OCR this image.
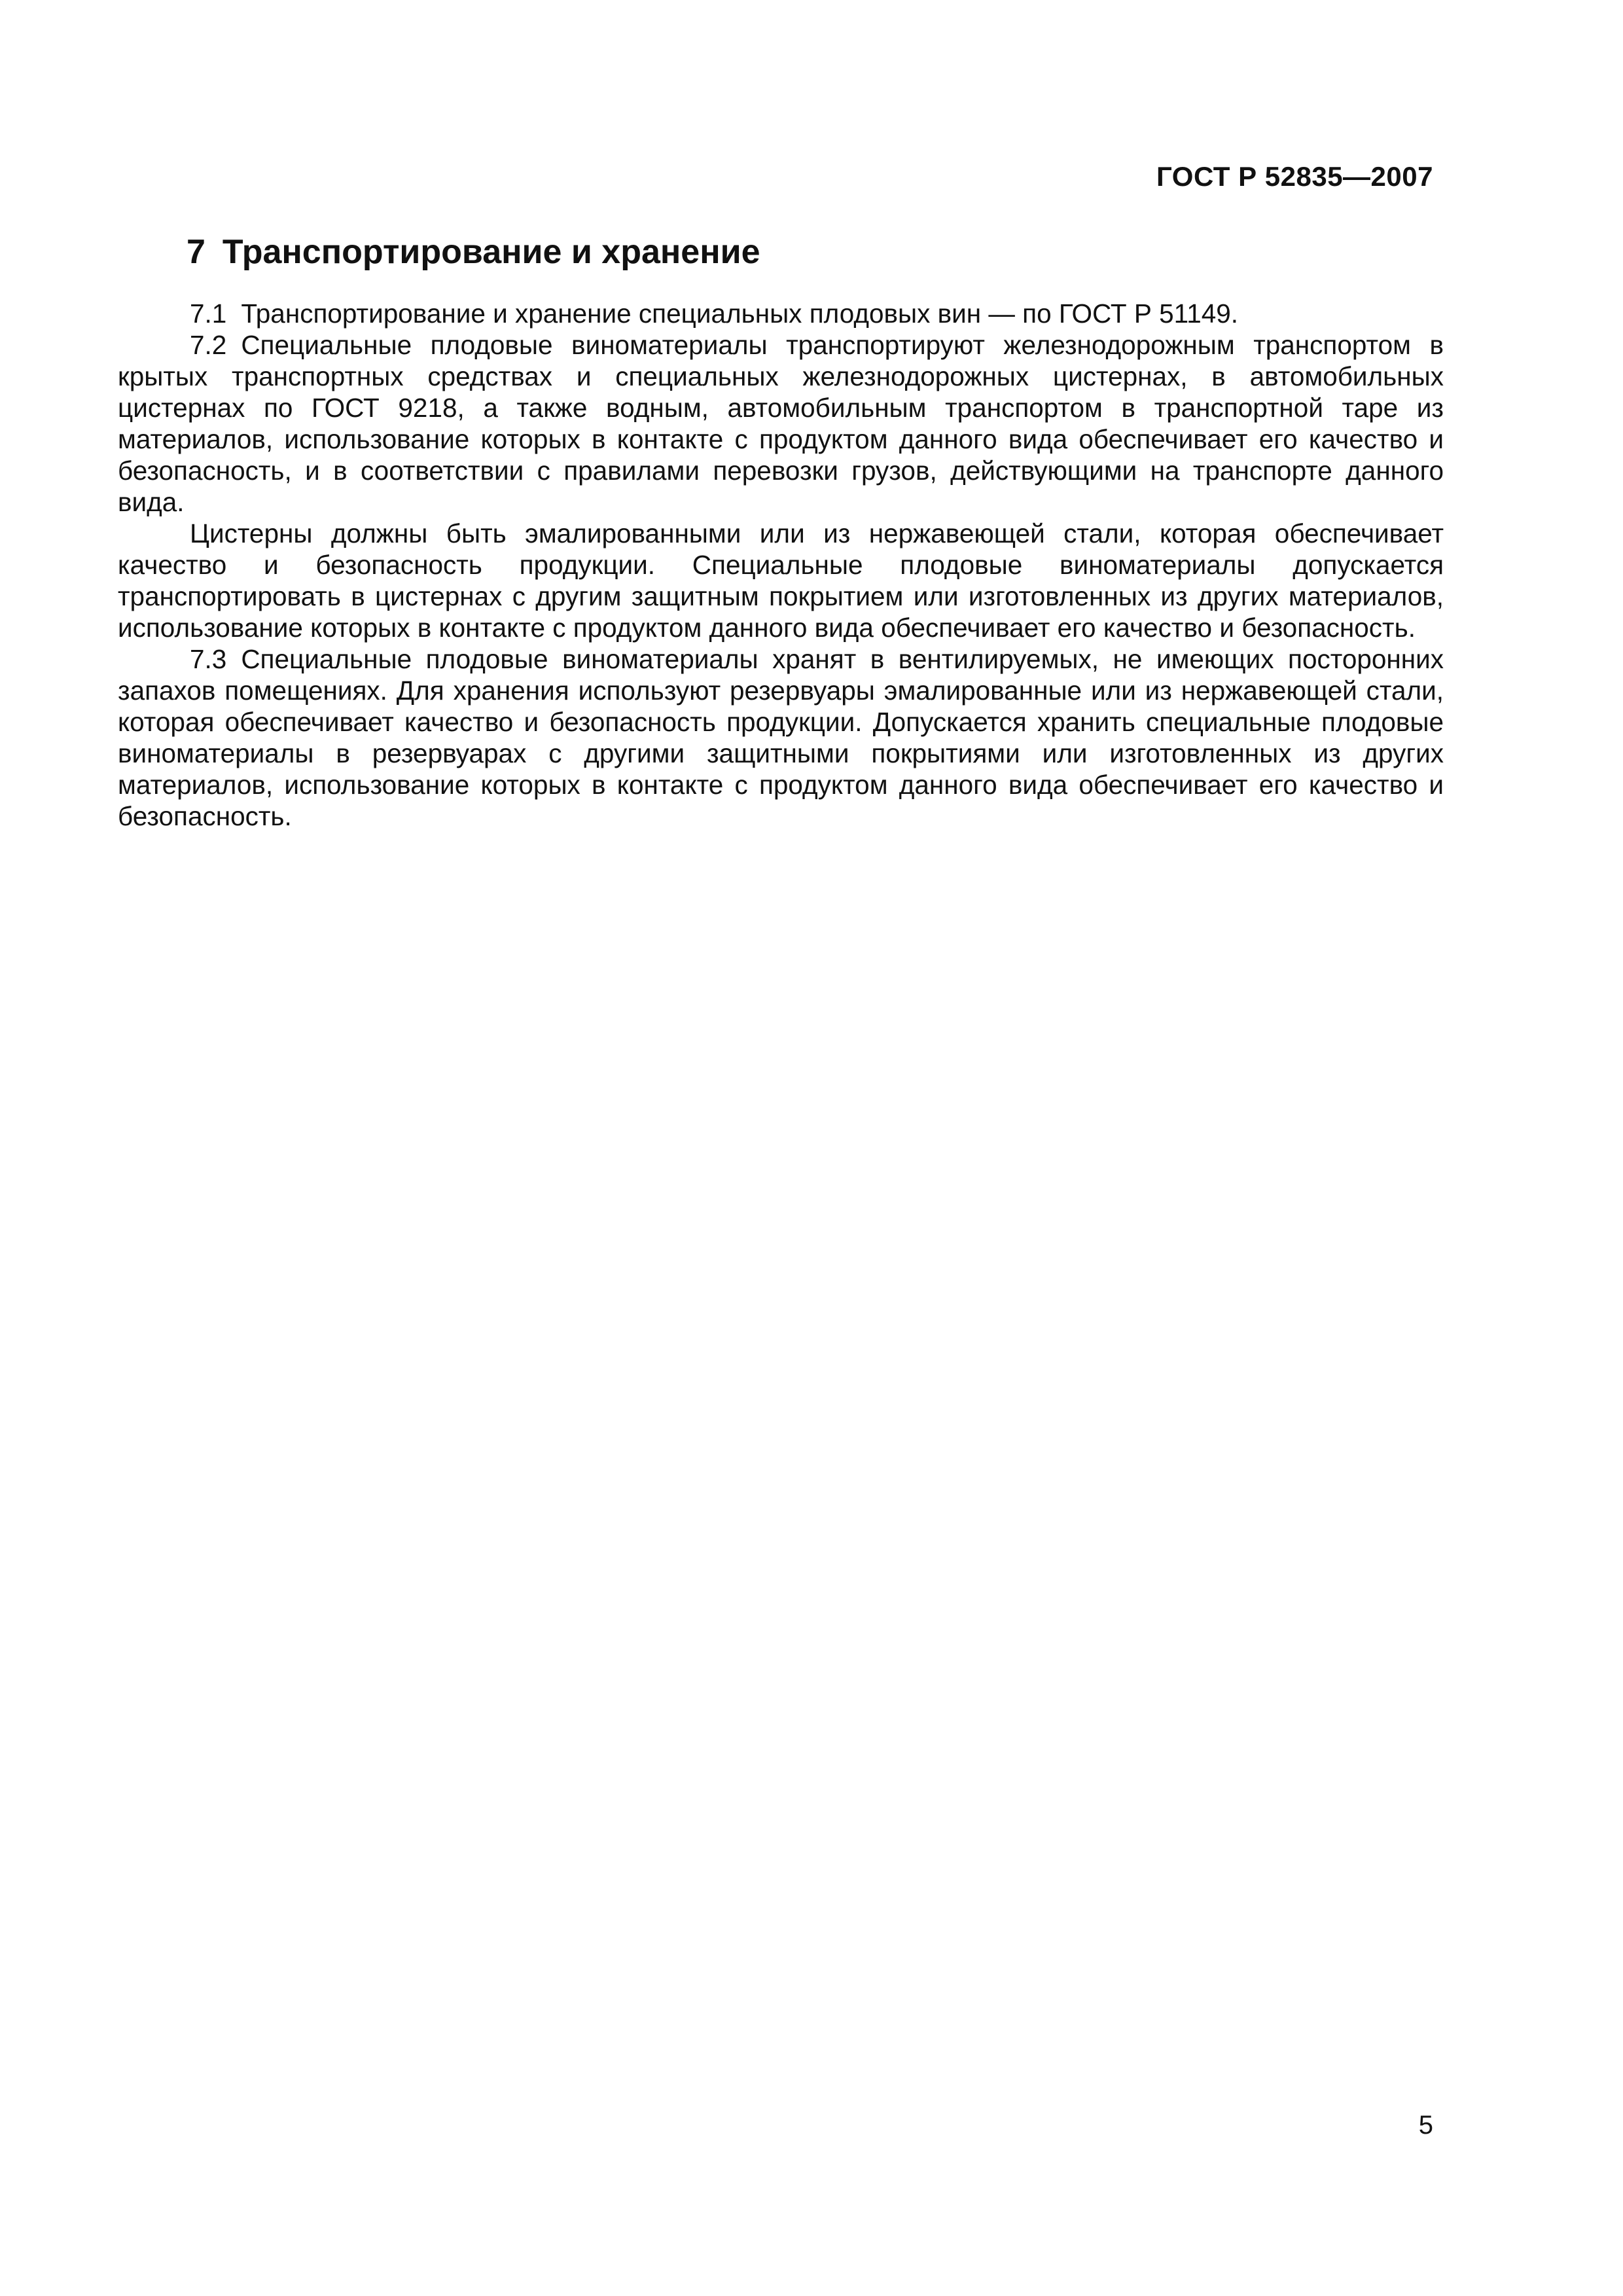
ГОСТ Р 52835—2007
7 Транспортирование и хранение

7.1 Транспортирование и хранение специальных плодовых вин — по ГОСТ Р 51149.

7.2 Специальные плодовые виноматериалы транспортируют железнодорожным транспортом в крытых транспортных средствах и специальных железнодорожных цистернах, в автомобильных цистернах по ГОСТ 9218, а также водным, автомобильным транспортом в транспортной таре из материалов, использование которых в контакте с продуктом данного вида обеспечивает его качество и безопасность, и в соответствии с правилами перевозки грузов, действующими на транспорте данного вида.

Цистерны должны быть эмалированными или из нержавеющей стали, которая обеспечивает качество и безопасность продукции. Специальные плодовые виноматериалы допускается транспортировать в цистернах с другим защитным покрытием или изготовленных из других материалов, использование которых в контакте с продуктом данного вида обеспечивает его качество и безопасность.

7.3 Специальные плодовые виноматериалы хранят в вентилируемых, не имеющих посторонних запахов помещениях. Для хранения используют резервуары эмалированные или из нержавеющей стали, которая обеспечивает качество и безопасность продукции. Допускается хранить специальные плодовые виноматериалы в резервуарах с другими защитными покрытиями или изготовленных из других материалов, использование которых в контакте с продуктом данного вида обеспечивает его качество и безопасность.

5
